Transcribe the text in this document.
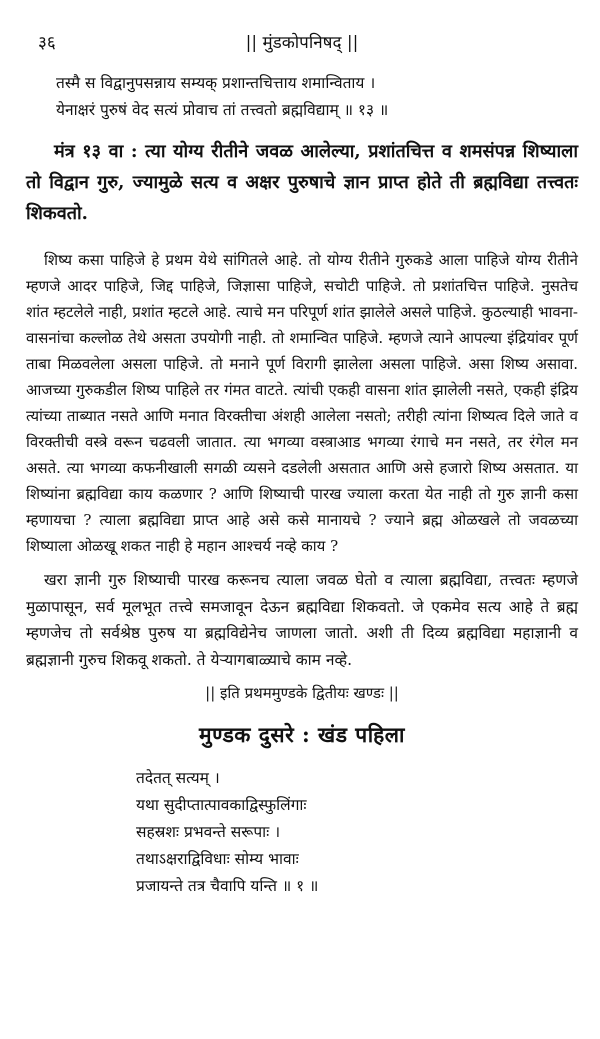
३६	|| मुंडकोपनिषद् ||
तस्मै स विद्वानुपसन्नाय सम्यक् प्रशान्तचित्ताय शमान्विताय ।
येनाक्षरं पुरुषं वेद सत्यं प्रोवाच तां तत्त्वतो ब्रह्मविद्याम् ॥ १३ ॥

मंत्र १३ वा : त्या योग्य रीतीने जवळ आलेल्या, प्रशांतचित्त व शमसंपन्न शिष्याला तो विद्वान गुरु, ज्यामुळे सत्य व अक्षर पुरुषाचे ज्ञान प्राप्त होते ती ब्रह्मविद्या तत्त्वतः शिकवतो.

शिष्य कसा पाहिजे हे प्रथम येथे सांगितले आहे. तो योग्य रीतीने गुरुकडे आला पाहिजे योग्य रीतीने म्हणजे आदर पाहिजे, जिद्द पाहिजे, जिज्ञासा पाहिजे, सचोटी पाहिजे. तो प्रशांतचित्त पाहिजे. नुसतेच शांत म्हटलेले नाही, प्रशांत म्हटले आहे. त्याचे मन परिपूर्ण शांत झालेले असले पाहिजे. कुठल्याही भावना-वासनांचा कल्लोळ तेथे असता उपयोगी नाही. तो शमान्वित पाहिजे. म्हणजे त्याने आपल्या इंद्रियांवर पूर्ण ताबा मिळवलेला असला पाहिजे. तो मनाने पूर्ण विरागी झालेला असला पाहिजे. असा शिष्य असावा. आजच्या गुरुकडील शिष्य पाहिले तर गंमत वाटते. त्यांची एकही वासना शांत झालेली नसते, एकही इंद्रिय त्यांच्या ताब्यात नसते आणि मनात विरक्तीचा अंशही आलेला नसतो; तरीही त्यांना शिष्यत्व दिले जाते व विरक्तीची वस्त्रे वरून चढवली जातात. त्या भगव्या वस्त्राआड भगव्या रंगाचे मन नसते, तर रंगेल मन असते. त्या भगव्या कफनीखाली सगळी व्यसने दडलेली असतात आणि असे हजारो शिष्य असतात. या शिष्यांना ब्रह्मविद्या काय कळणार ? आणि शिष्याची पारख ज्याला करता येत नाही तो गुरु ज्ञानी कसा म्हणायचा ? त्याला ब्रह्मविद्या प्राप्त आहे असे कसे मानायचे ? ज्याने ब्रह्म ओळखले तो जवळच्या शिष्याला ओळखू शकत नाही हे महान आश्चर्य नव्हे काय ?

खरा ज्ञानी गुरु शिष्याची पारख करूनच त्याला जवळ घेतो व त्याला ब्रह्मविद्या, तत्त्वतः म्हणजे मुळापासून, सर्व मूलभूत तत्त्वे समजावून देऊन ब्रह्मविद्या शिकवतो. जे एकमेव सत्य आहे ते ब्रह्म म्हणजेच तो सर्वश्रेष्ठ पुरुष या ब्रह्मविद्येनेच जाणला जातो. अशी ती दिव्य ब्रह्मविद्या महाज्ञानी व ब्रह्मज्ञानी गुरुच शिकवू शकतो. ते येऱ्यागबाळ्याचे काम नव्हे.

|| इति प्रथममुण्डके द्वितीयः खण्डः ||
मुण्डक दुसरे : खंड पहिला
तदेतत् सत्यम् ।
यथा सुदीप्तात्पावकाद्विस्फुलिंगाः
सहस्रशः प्रभवन्ते सरूपाः ।
तथाऽक्षराद्विविधाः सोम्य भावाः
प्रजायन्ते तत्र चैवापि यन्ति ॥ १ ॥
